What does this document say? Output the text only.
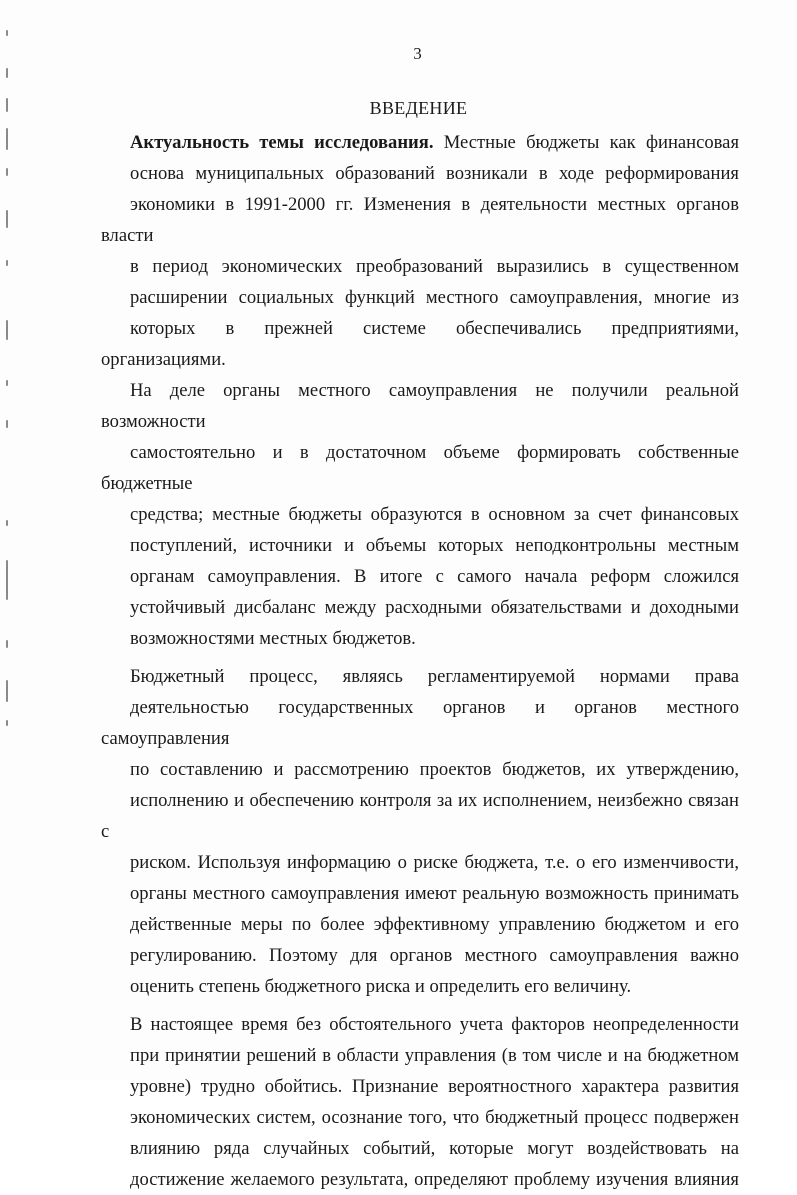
3
ВВЕДЕНИЕ
Актуальность темы исследования. Местные бюджеты как финансовая
основа муниципальных образований возникали в ходе реформирования
экономики в 1991-2000 гг. Изменения в деятельности местных органов власти
в период экономических преобразований выразились в существенном
расширении социальных функций местного самоуправления, многие из
которых в прежней системе обеспечивались предприятиями, организациями.
На деле органы местного самоуправления не получили реальной возможности
самостоятельно и в достаточном объеме формировать собственные бюджетные
средства; местные бюджеты образуются в основном за счет финансовых
поступлений, источники и объемы которых неподконтрольны местным
органам самоуправления. В итоге с самого начала реформ сложился
устойчивый дисбаланс между расходными обязательствами и доходными
возможностями местных бюджетов.
Бюджетный процесс, являясь регламентируемой нормами права
деятельностью государственных органов и органов местного самоуправления
по составлению и рассмотрению проектов бюджетов, их утверждению,
исполнению и обеспечению контроля за их исполнением, неизбежно связан с
риском. Используя информацию о риске бюджета, т.е. о его изменчивости,
органы местного самоуправления имеют реальную возможность принимать
действенные меры по более эффективному управлению бюджетом и его
регулированию. Поэтому для органов местного самоуправления важно
оценить степень бюджетного риска и определить его величину.
В настоящее время без обстоятельного учета факторов неопределенности
при принятии решений в области управления (в том числе и на бюджетном
уровне) трудно обойтись. Признание вероятностного характера развития
экономических систем, осознание того, что бюджетный процесс подвержен
влиянию ряда случайных событий, которые могут воздействовать на
достижение желаемого результата, определяют проблему изучения влияния
